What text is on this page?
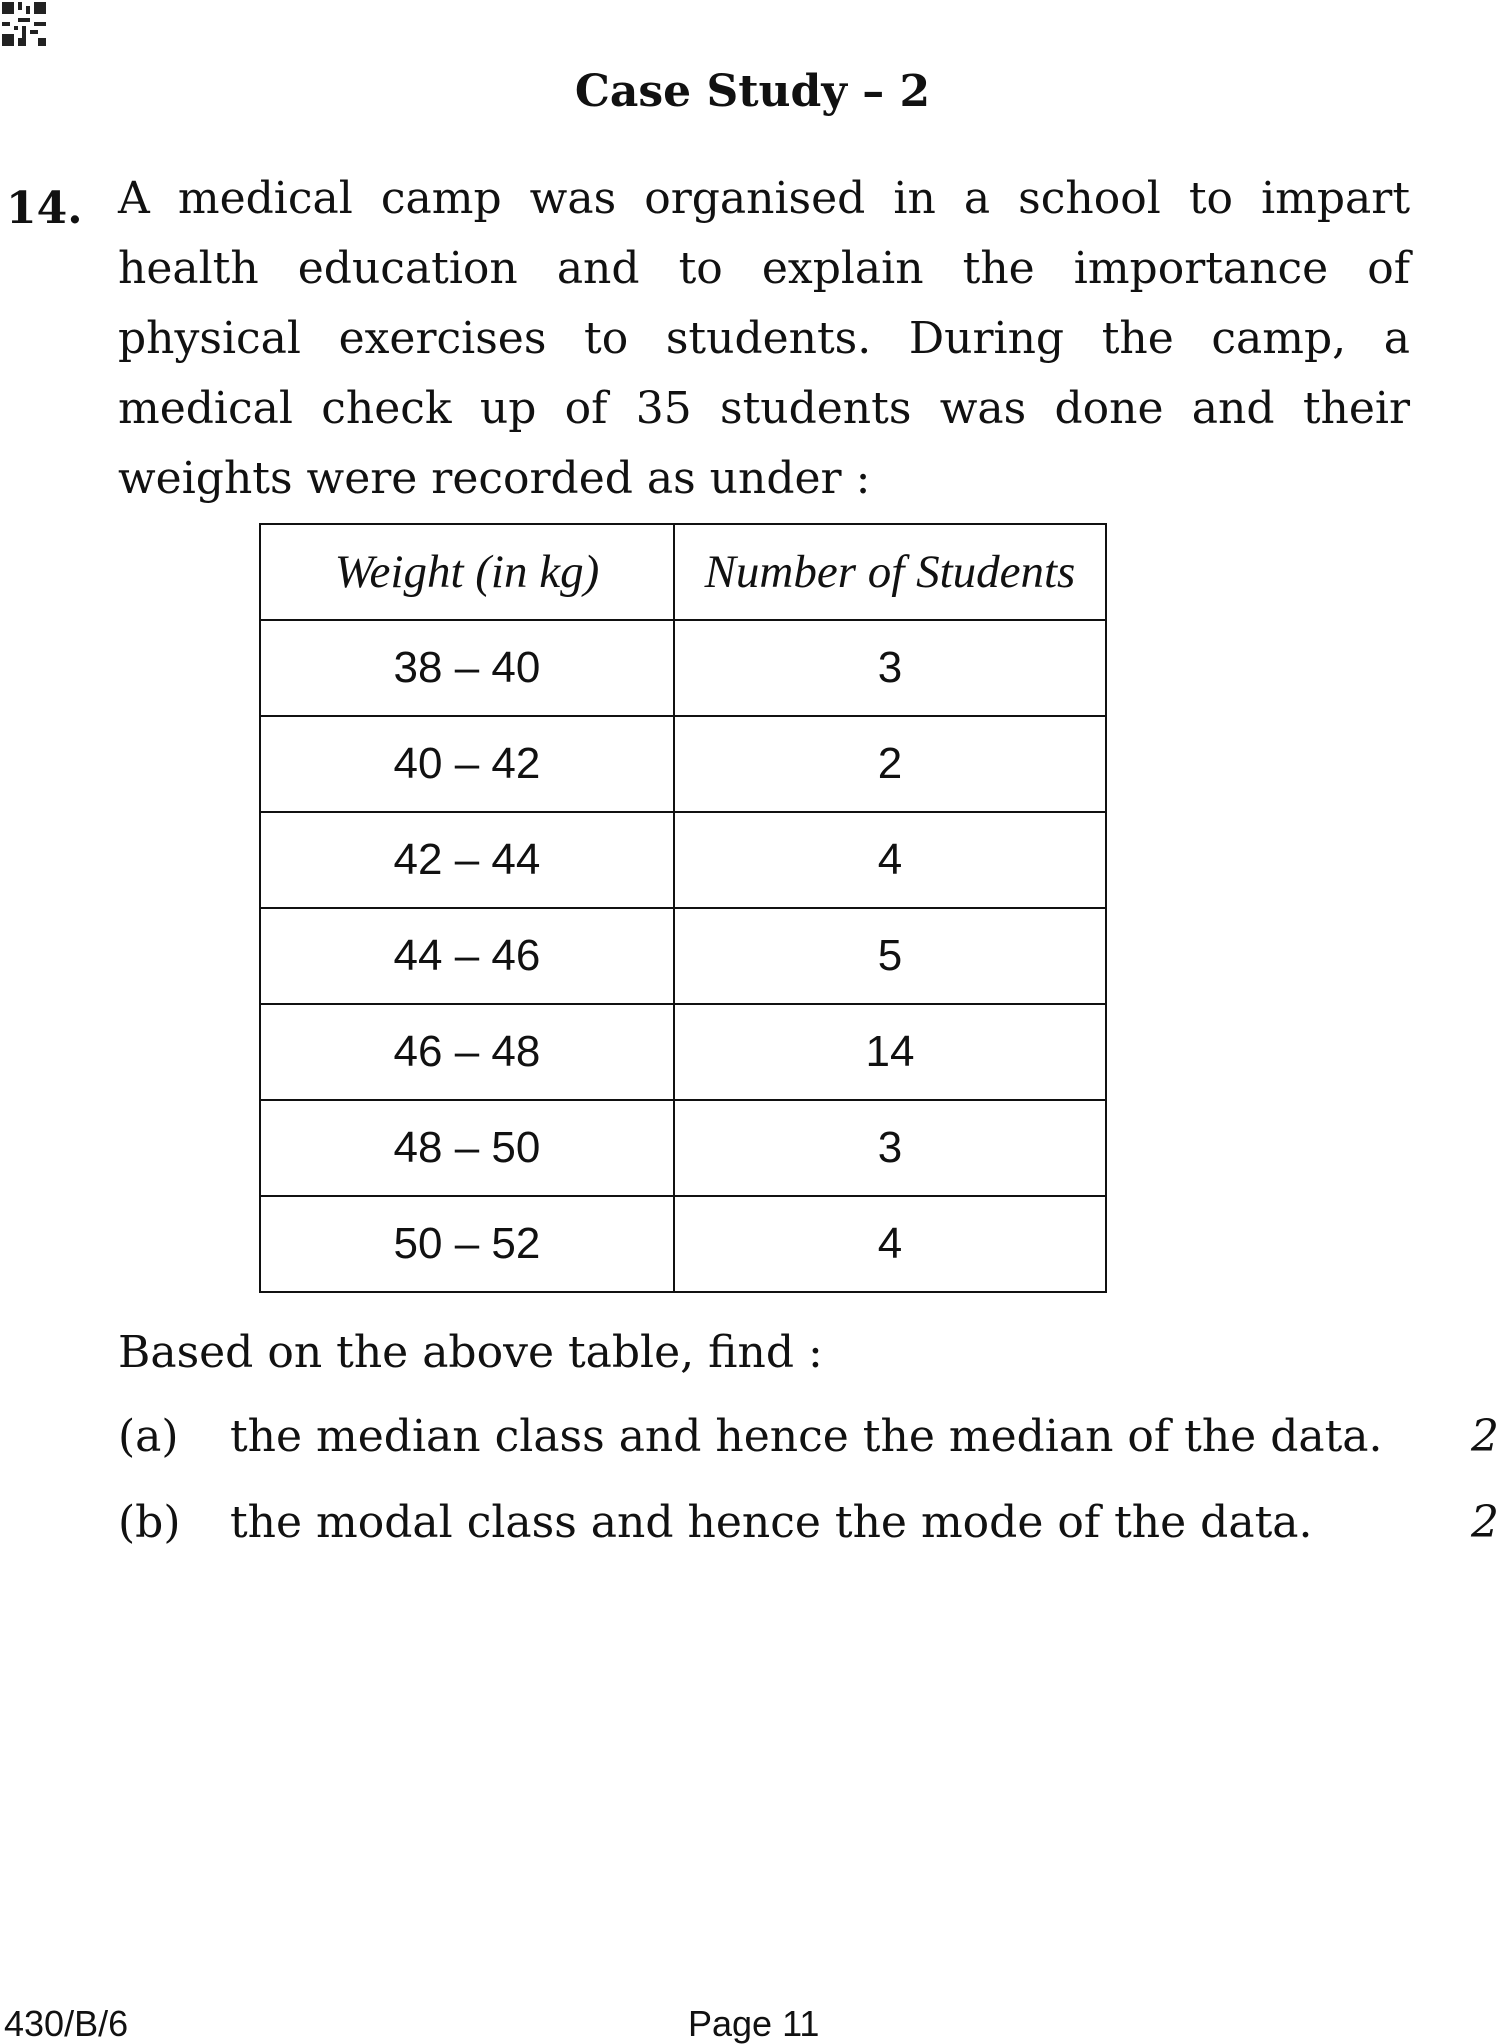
Case Study – 2
14. A medical camp was organised in a school to impart health education and to explain the importance of physical exercises to students. During the camp, a medical check up of 35 students was done and their weights were recorded as under :
Weight (in kg)	Number of Students
38 – 40	3
40 – 42	2
42 – 44	4
44 – 46	5
46 – 48	14
48 – 50	3
50 – 52	4
Based on the above table, find :
(a) the median class and hence the median of the data. 2
(b) the modal class and hence the mode of the data.	2
430/B/6	Page 11
